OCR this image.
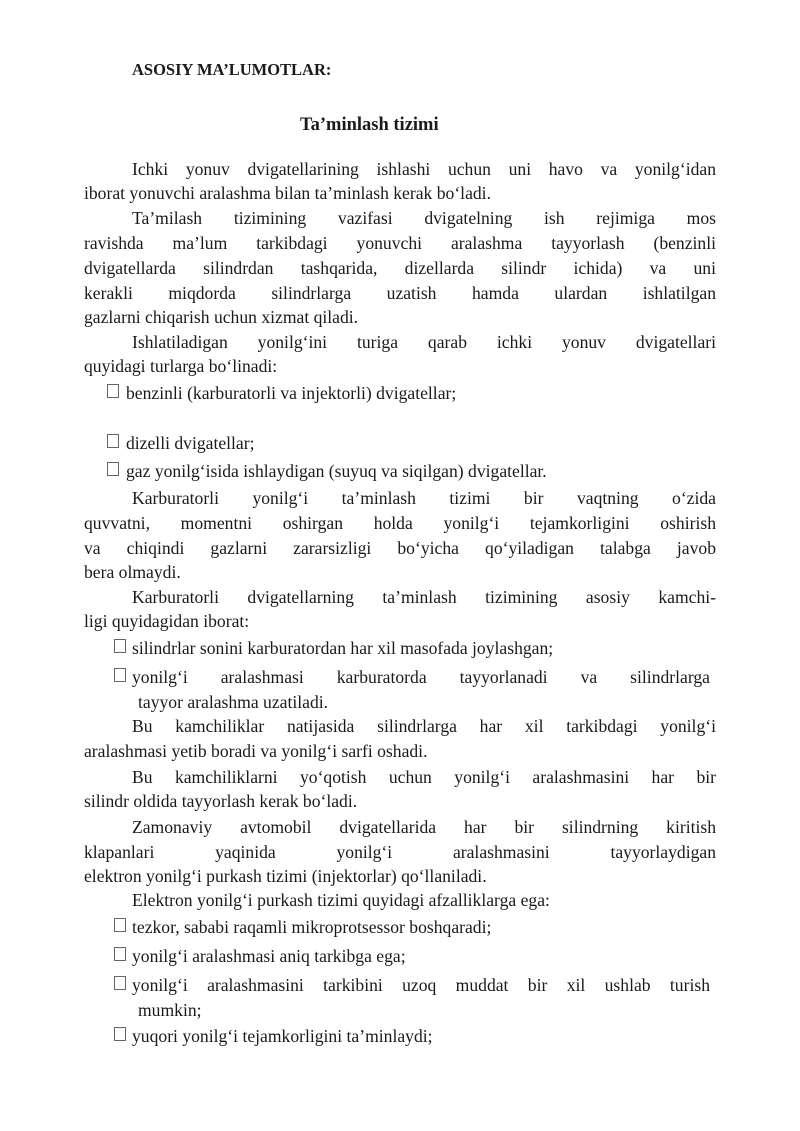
ASOSIY MA’LUMOTLAR:
Ta’minlash tizimi
Ichki yonuv dvigatellarining ishlashi uchun uni havo va yonilg‘idan
iborat yonuvchi aralashma bilan ta’minlash kerak bo‘ladi.
Ta’milash tizimining vazifasi dvigatelning ish rejimiga mos
ravishda ma’lum tarkibdagi yonuvchi aralashma tayyorlash (benzinli
dvigatellarda silindrdan tashqarida, dizellarda silindr ichida) va uni
kerakli miqdorda silindrlarga uzatish hamda ulardan ishlatilgan
gazlarni chiqarish uchun xizmat qiladi.
Ishlatiladigan yonilg‘ini turiga qarab ichki yonuv dvigatellari
quyidagi turlarga bo‘linadi:
benzinli (karburatorli va injektorli) dvigatellar;
dizelli dvigatellar;
gaz yonilg‘isida ishlaydigan (suyuq va siqilgan) dvigatellar.
Karburatorli yonilg‘i ta’minlash tizimi bir vaqtning o‘zida
quvvatni, momentni oshirgan holda yonilg‘i tejamkorligini oshirish
va chiqindi gazlarni zararsizligi bo‘yicha qo‘yiladigan talabga javob
bera olmaydi.
Karburatorli dvigatellarning ta’minlash tizimining asosiy kamchi-
ligi quyidagidan iborat:
silindrlar sonini karburatordan har xil masofada joylashgan;
yonilg‘i aralashmasi karburatorda tayyorlanadi va silindrlarga
tayyor aralashma uzatiladi.
Bu kamchiliklar natijasida silindrlarga har xil tarkibdagi yonilg‘i
aralashmasi yetib boradi va yonilg‘i sarfi oshadi.
Bu kamchiliklarni yo‘qotish uchun yonilg‘i aralashmasini har bir
silindr oldida tayyorlash kerak bo‘ladi.
Zamonaviy avtomobil dvigatellarida har bir silindrning kiritish
klapanlari yaqinida yonilg‘i aralashmasini tayyorlaydigan
elektron yonilg‘i purkash tizimi (injektorlar) qo‘llaniladi.
Elektron yonilg‘i purkash tizimi quyidagi afzalliklarga ega:
tezkor, sababi raqamli mikroprotsessor boshqaradi;
yonilg‘i aralashmasi aniq tarkibga ega;
yonilg‘i aralashmasini tarkibini uzoq muddat bir xil ushlab turish
mumkin;
yuqori yonilg‘i tejamkorligini ta’minlaydi;
